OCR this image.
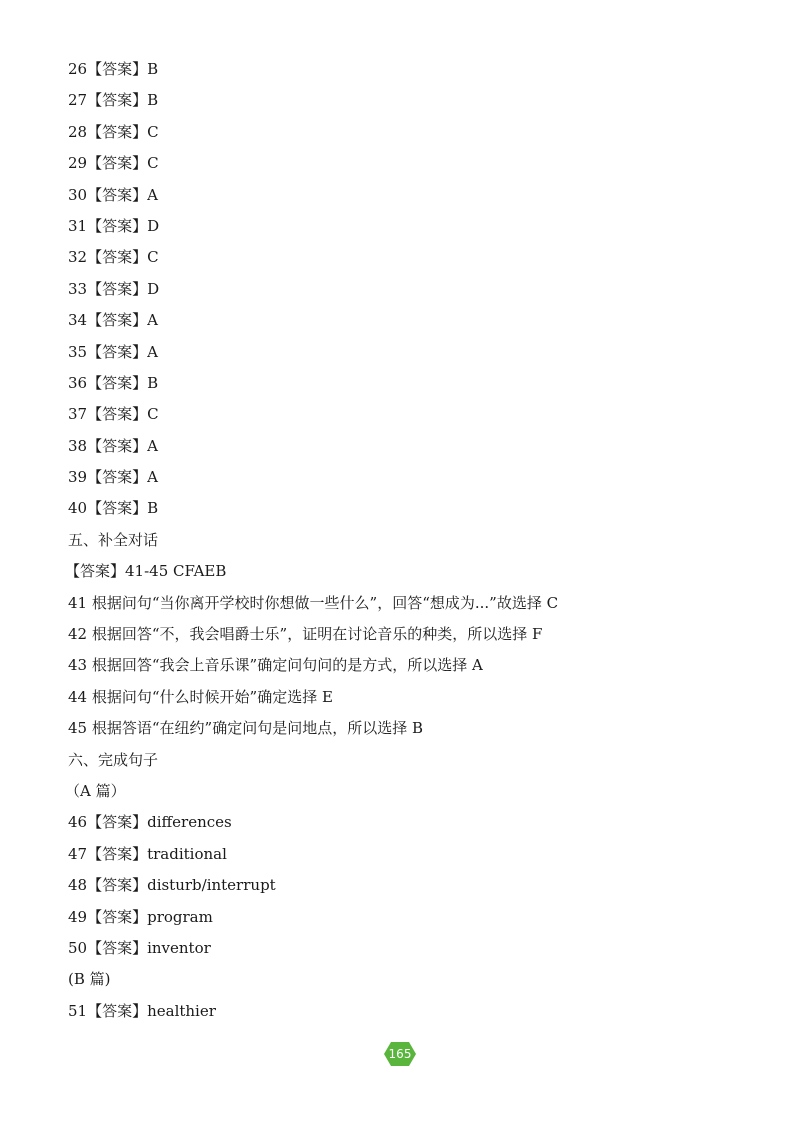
26【答案】B
27【答案】B
28【答案】C
29【答案】C
30【答案】A
31【答案】D
32【答案】C
33【答案】D
34【答案】A
35【答案】A
36【答案】B
37【答案】C
38【答案】A
39【答案】A
40【答案】B
五、补全对话
【答案】41-45 CFAEB
41 根据问句“当你离开学校时你想做一些什么”，回答“想成为...”故选择 C
42 根据回答“不，我会唱爵士乐”，证明在讨论音乐的种类，所以选择 F
43 根据回答“我会上音乐课”确定问句问的是方式，所以选择 A
44 根据问句“什么时候开始”确定选择 E
45 根据答语“在纽约”确定问句是问地点，所以选择 B
六、完成句子
（A 篇）
46【答案】differences
47【答案】traditional
48【答案】disturb/interrupt
49【答案】program
50【答案】inventor
(B 篇)
51【答案】healthier
165
